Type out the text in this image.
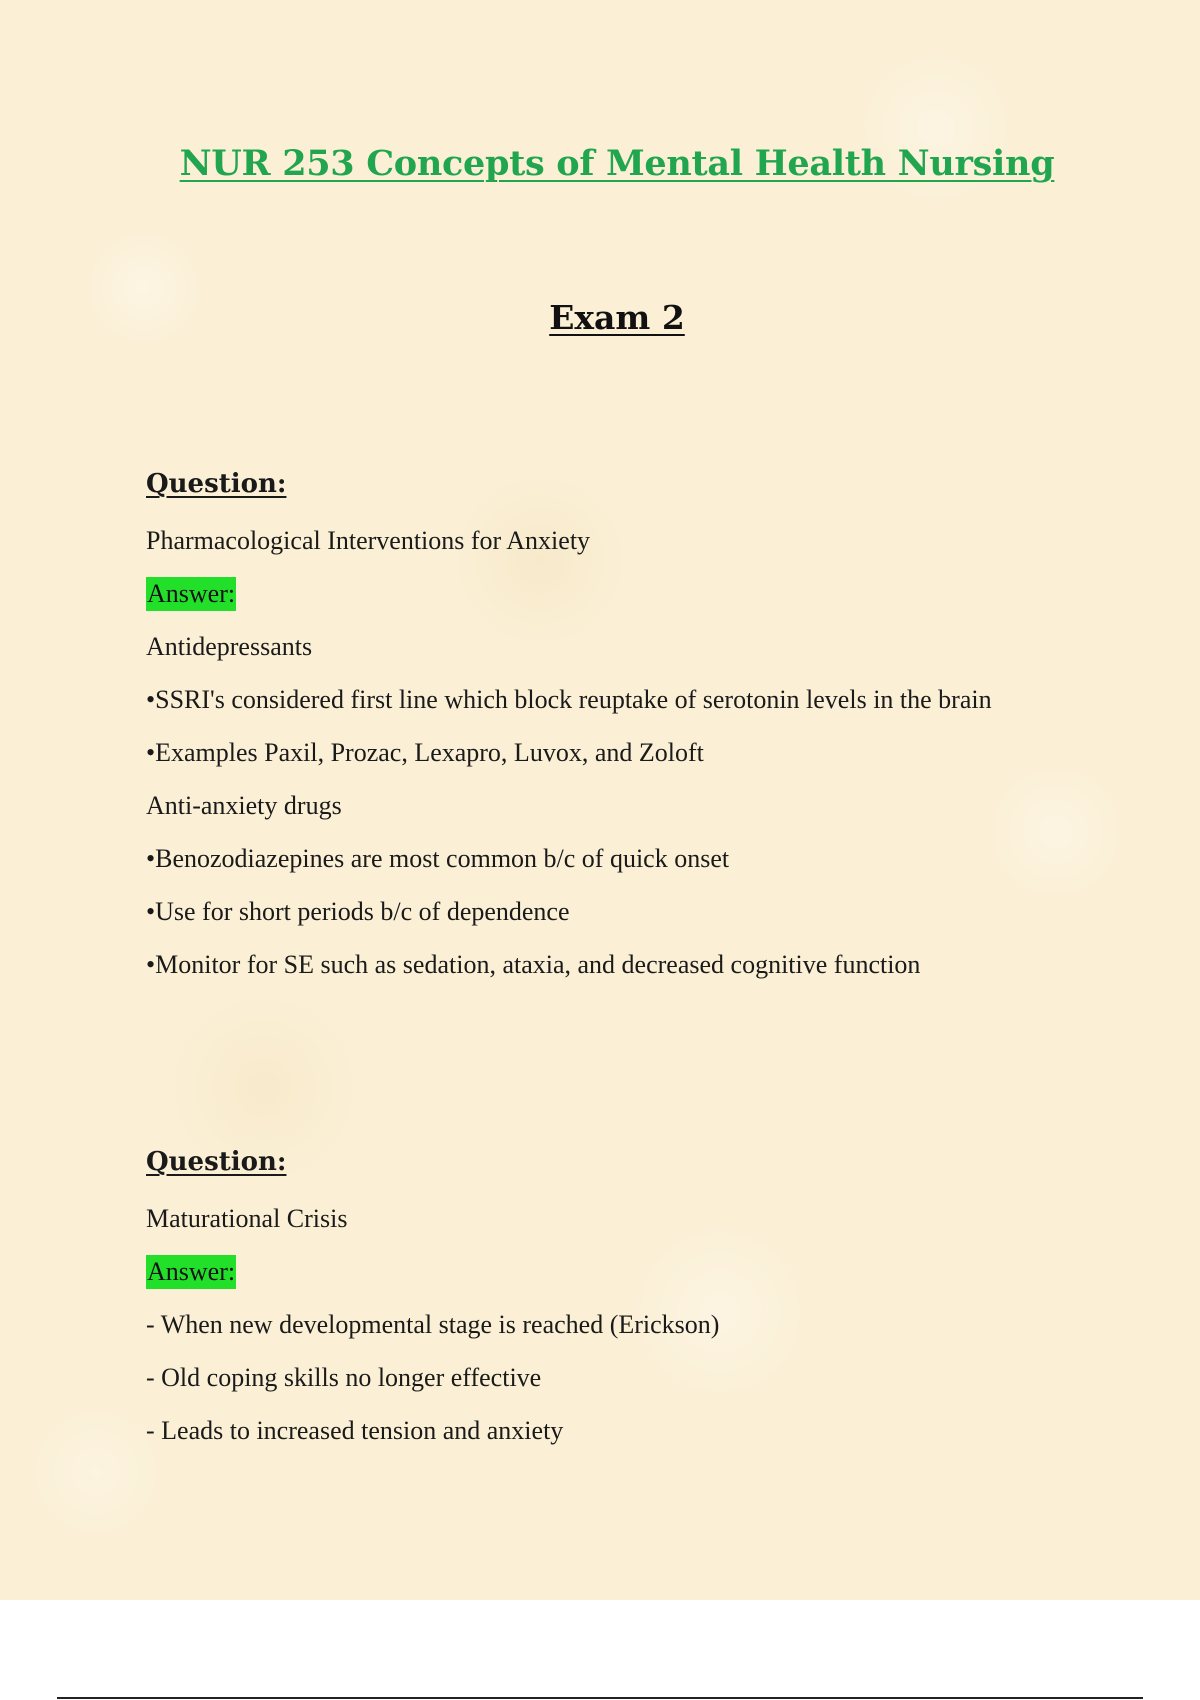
NUR 253 Concepts of Mental Health Nursing
Exam 2
Question:
Pharmacological Interventions for Anxiety
Answer:
Antidepressants
•SSRI's considered first line which block reuptake of serotonin levels in the brain
•Examples Paxil, Prozac, Lexapro, Luvox, and Zoloft
Anti-anxiety drugs
•Benozodiazepines are most common b/c of quick onset
•Use for short periods b/c of dependence
•Monitor for SE such as sedation, ataxia, and decreased cognitive function
Question:
Maturational Crisis
Answer:
- When new developmental stage is reached (Erickson)
- Old coping skills no longer effective
- Leads to increased tension and anxiety
